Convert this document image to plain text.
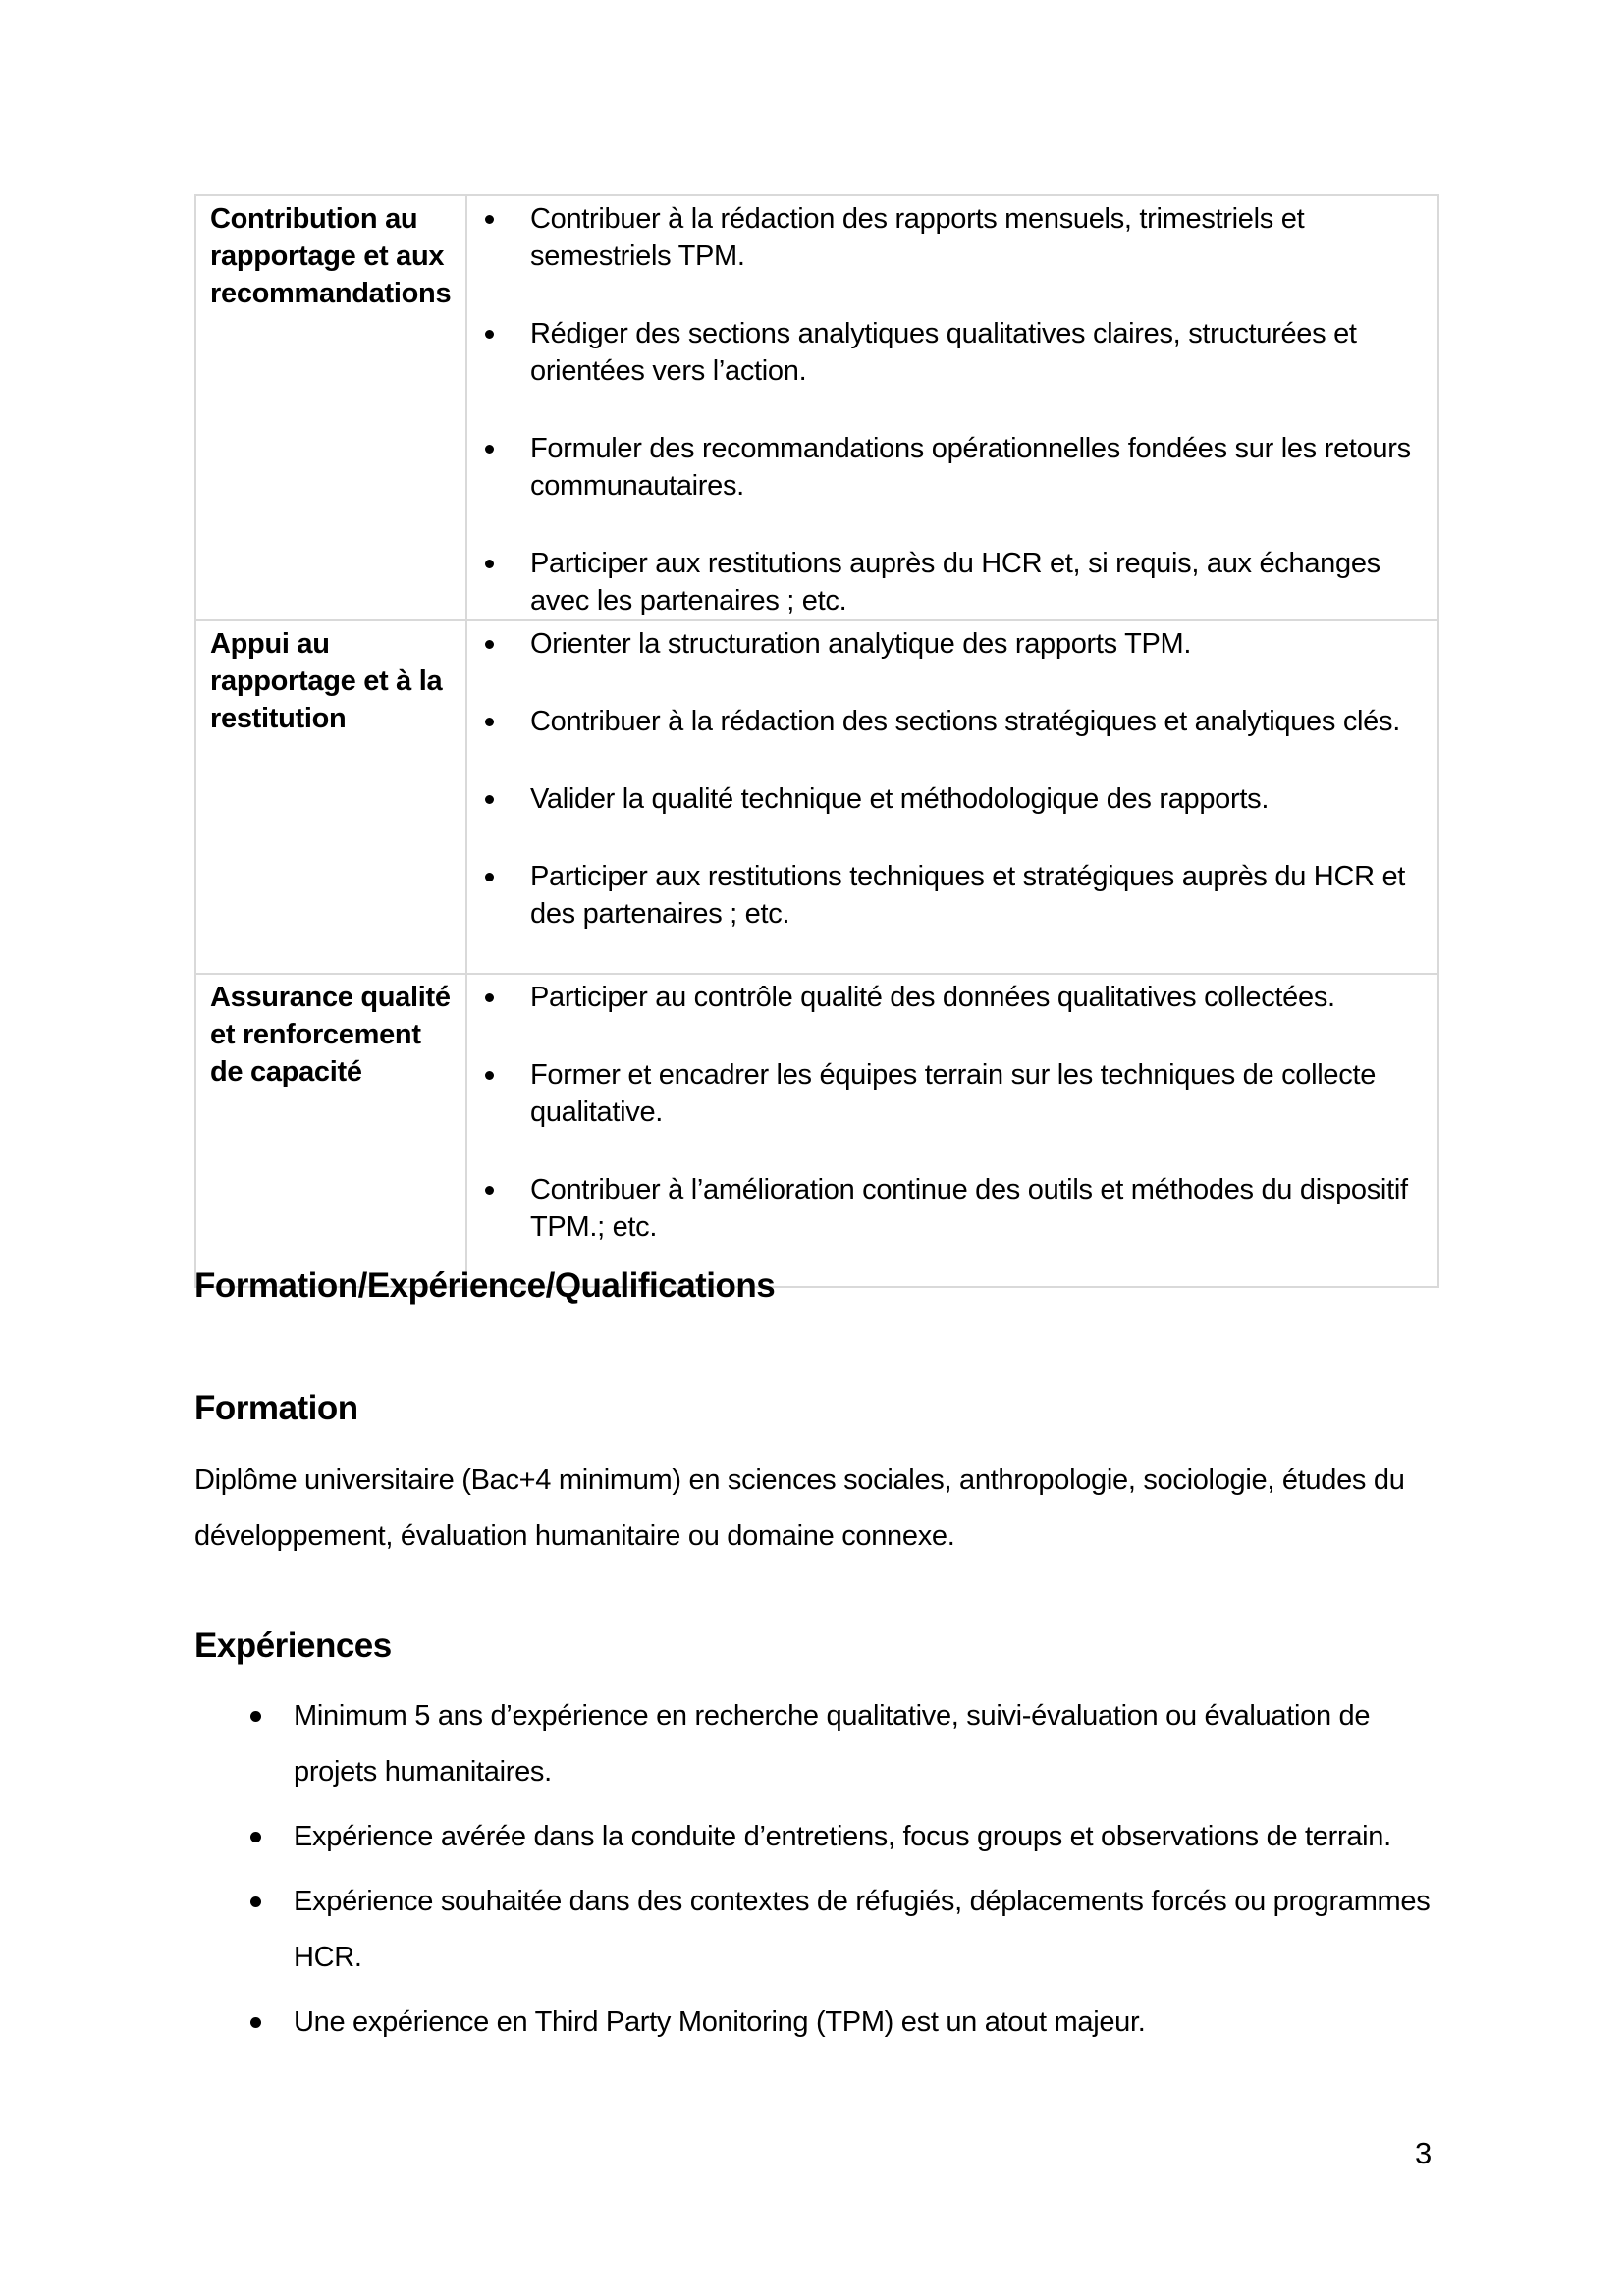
Contribution au rapportage et aux recommandations

Contribuer à la rédaction des rapports mensuels, trimestriels et semestriels TPM.
Rédiger des sections analytiques qualitatives claires, structurées et orientées vers l’action.
Formuler des recommandations opérationnelles fondées sur les retours communautaires.
Participer aux restitutions auprès du HCR et, si requis, aux échanges avec les partenaires ; etc.

Appui au rapportage et à la restitution

Orienter la structuration analytique des rapports TPM.
Contribuer à la rédaction des sections stratégiques et analytiques clés.
Valider la qualité technique et méthodologique des rapports.
Participer aux restitutions techniques et stratégiques auprès du HCR et des partenaires ; etc.

Assurance qualité et renforcement de capacité

Participer au contrôle qualité des données qualitatives collectées.
Former et encadrer les équipes terrain sur les techniques de collecte qualitative.
Contribuer à l’amélioration continue des outils et méthodes du dispositif TPM.; etc.
Formation/Expérience/Qualifications
Formation

Diplôme universitaire (Bac+4 minimum) en sciences sociales, anthropologie, sociologie, études du développement, évaluation humanitaire ou domaine connexe.

Expériences
Minimum 5 ans d’expérience en recherche qualitative, suivi-évaluation ou évaluation de projets humanitaires.
Expérience avérée dans la conduite d’entretiens, focus groups et observations de terrain.
Expérience souhaitée dans des contextes de réfugiés, déplacements forcés ou programmes HCR.
Une expérience en Third Party Monitoring (TPM) est un atout majeur.
3
